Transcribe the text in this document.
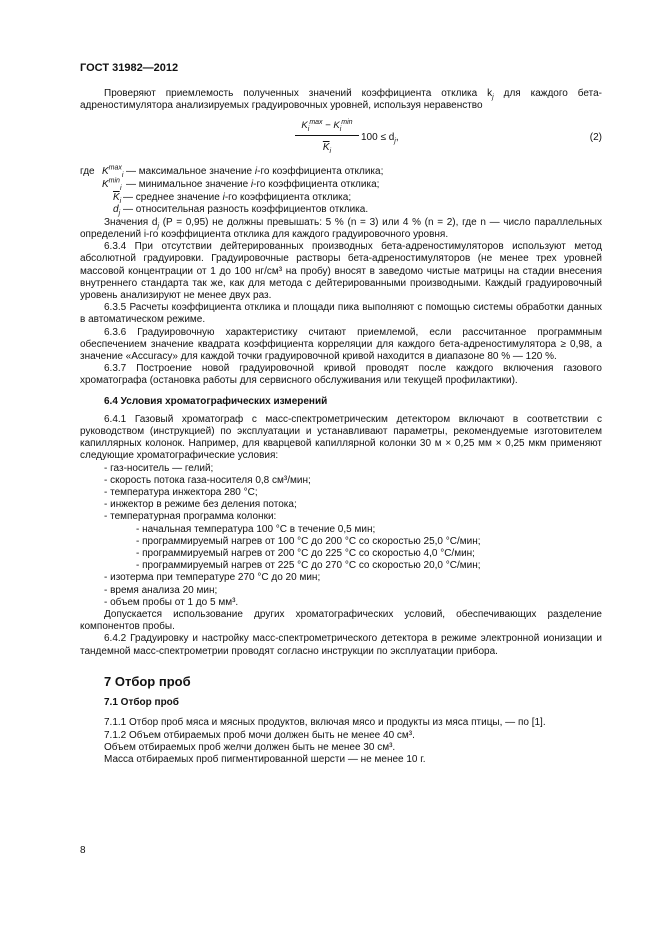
ГОСТ 31982—2012
Проверяют приемлемость полученных значений коэффициента отклика $k_j$ для каждого бета-адреностимулятора анализируемых градуировочных уровней, используя неравенство
$K_i^{max} - K_i^{min}$
$\overline{K}_i$
$100 \le d_j$,	(2)
где $K^{max}_i$ — максимальное значение i-го коэффициента отклика;
$K^{min}_i$ — минимальное значение i-го коэффициента отклика;
$\overline{K}_i$ — среднее значение i-го коэффициента отклика;
$d_j$ — относительная разность коэффициентов отклика.
Значения $d_j$ (P = 0,95) не должны превышать: 5 % (n = 3) или 4 % (n = 2), где n — число параллельных определений i-го коэффициента отклика для каждого градуировочного уровня.
6.3.4 При отсутствии дейтерированных производных бета-адреностимуляторов используют метод абсолютной градуировки. Градуировочные растворы бета-адреностимуляторов (не менее трех уровней массовой концентрации от 1 до 100 нг/см³ на пробу) вносят в заведомо чистые матрицы на стадии внесения внутреннего стандарта так же, как для метода с дейтерированными производными. Каждый градуировочный уровень анализируют не менее двух раз.
6.3.5 Расчеты коэффициента отклика и площади пика выполняют с помощью системы обработки данных в автоматическом режиме.
6.3.6 Градуировочную характеристику считают приемлемой, если рассчитанное программным обеспечением значение квадрата коэффициента корреляции для каждого бета-адреностимулятора ≥ 0,98, а значение «Accuracy» для каждой точки градуировочной кривой находится в диапазоне 80 % — 120 %.
6.3.7 Построение новой градуировочной кривой проводят после каждого включения газового хроматографа (остановка работы для сервисного обслуживания или текущей профилактики).
6.4 Условия хроматографических измерений
6.4.1 Газовый хроматограф с масс-спектрометрическим детектором включают в соответствии с руководством (инструкцией) по эксплуатации и устанавливают параметры, рекомендуемые изготовителем капиллярных колонок. Например, для кварцевой капиллярной колонки 30 м × 0,25 мм × 0,25 мкм применяют следующие хроматографические условия:
- газ-носитель — гелий;
- скорость потока газа-носителя 0,8 см³/мин;
- температура инжектора 280 °C;
- инжектор в режиме без деления потока;
- температурная программа колонки:
- начальная температура 100 °C в течение 0,5 мин;
- программируемый нагрев от 100 °C до 200 °C со скоростью 25,0 °C/мин;
- программируемый нагрев от 200 °C до 225 °C со скоростью 4,0 °C/мин;
- программируемый нагрев от 225 °C до 270 °C со скоростью 20,0 °C/мин;
- изотерма при температуре 270 °C до 20 мин;
- время анализа 20 мин;
- объем пробы от 1 до 5 мм³.
Допускается использование других хроматографических условий, обеспечивающих разделение компонентов пробы.
6.4.2 Градуировку и настройку масс-спектрометрического детектора в режиме электронной ионизации и тандемной масс-спектрометрии проводят согласно инструкции по эксплуатации прибора.
7 Отбор проб
7.1 Отбор проб
7.1.1 Отбор проб мяса и мясных продуктов, включая мясо и продукты из мяса птицы, — по [1].
7.1.2 Объем отбираемых проб мочи должен быть не менее 40 см³.
Объем отбираемых проб желчи должен быть не менее 30 см³.
Масса отбираемых проб пигментированной шерсти — не менее 10 г.
8
